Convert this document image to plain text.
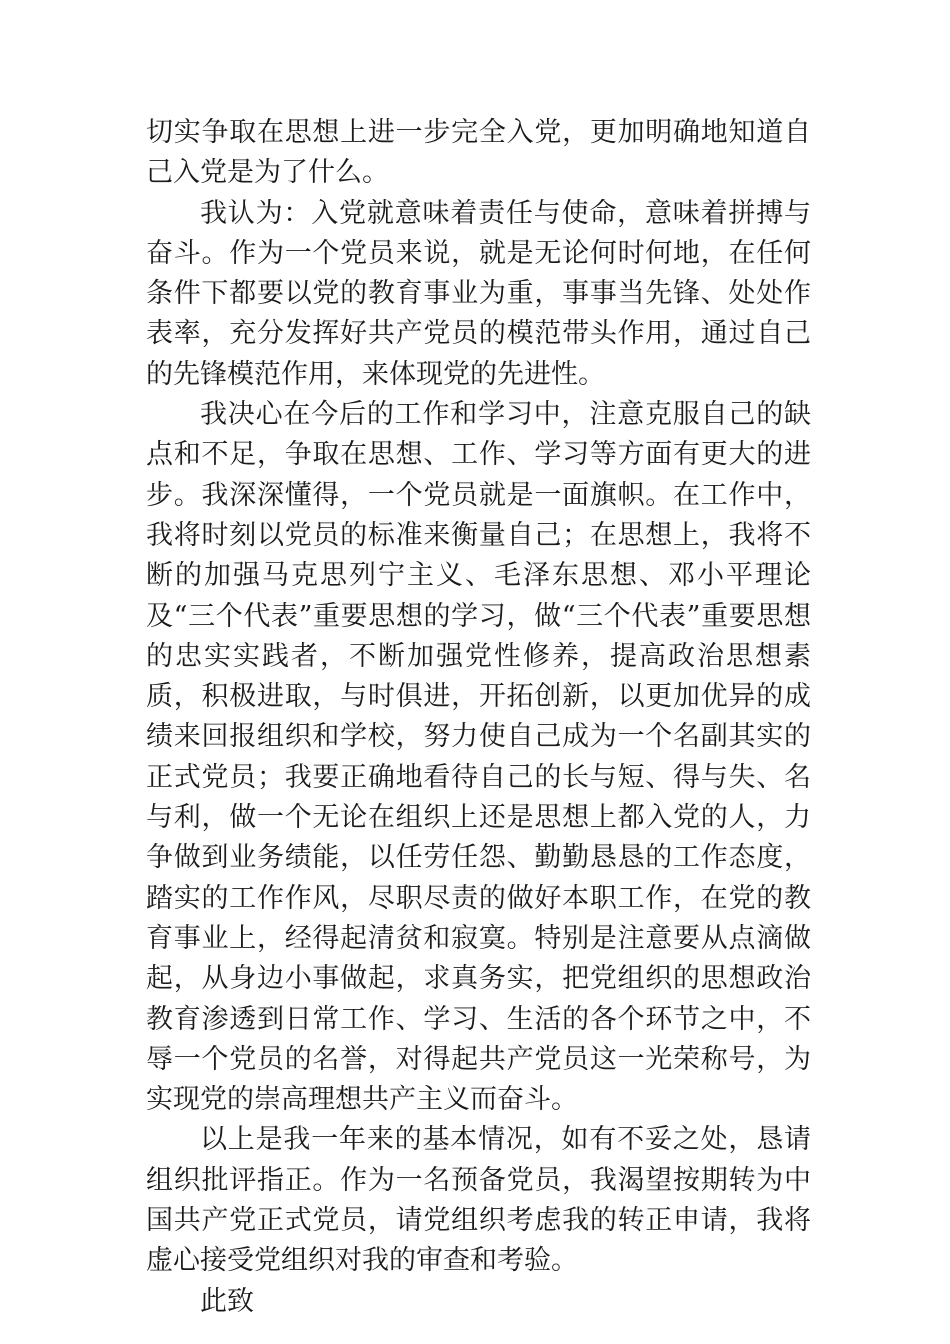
切实争取在思想上进一步完全入党，更加明确地知道自己入党是为了什么。

我认为：入党就意味着责任与使命，意味着拼搏与奋斗。作为一个党员来说，就是无论何时何地，在任何条件下都要以党的教育事业为重，事事当先锋、处处作表率，充分发挥好共产党员的模范带头作用，通过自己的先锋模范作用，来体现党的先进性。

我决心在今后的工作和学习中，注意克服自己的缺点和不足，争取在思想、工作、学习等方面有更大的进步。我深深懂得，一个党员就是一面旗帜。在工作中，我将时刻以党员的标准来衡量自己；在思想上，我将不断的加强马克思列宁主义、毛泽东思想、邓小平理论及“三个代表”重要思想的学习，做“三个代表”重要思想的忠实实践者，不断加强党性修养，提高政治思想素质，积极进取，与时俱进，开拓创新，以更加优异的成绩来回报组织和学校，努力使自己成为一个名副其实的正式党员；我要正确地看待自己的长与短、得与失、名与利，做一个无论在组织上还是思想上都入党的人，力争做到业务绩能，以任劳任怨、勤勤恳恳的工作态度，踏实的工作作风，尽职尽责的做好本职工作，在党的教育事业上，经得起清贫和寂寞。特别是注意要从点滴做起，从身边小事做起，求真务实，把党组织的思想政治教育渗透到日常工作、学习、生活的各个环节之中，不辱一个党员的名誉，对得起共产党员这一光荣称号，为实现党的崇高理想共产主义而奋斗。

以上是我一年来的基本情况，如有不妥之处，恳请组织批评指正。作为一名预备党员，我渴望按期转为中国共产党正式党员，请党组织考虑我的转正申请，我将虚心接受党组织对我的审查和考验。

此致
